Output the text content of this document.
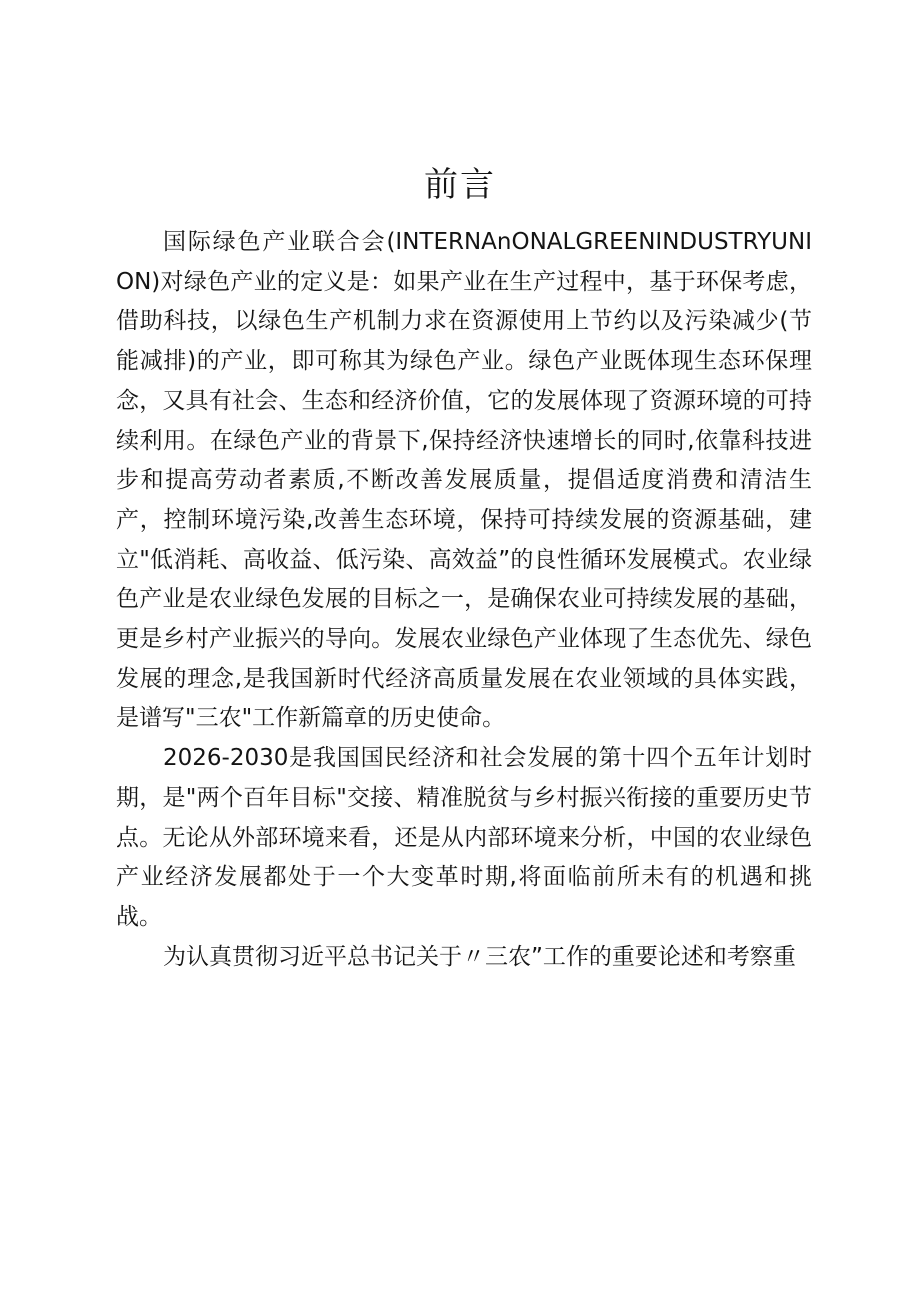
前言

国际绿色产业联合会(INTERNAnONALGREENINDUSTRYUNION)对绿色产业的定义是：如果产业在生产过程中，基于环保考虑，借助科技，以绿色生产机制力求在资源使用上节约以及污染减少(节能减排)的产业，即可称其为绿色产业。绿色产业既体现生态环保理念，又具有社会、生态和经济价值，它的发展体现了资源环境的可持续利用。在绿色产业的背景下,保持经济快速增长的同时,依靠科技进步和提高劳动者素质,不断改善发展质量，提倡适度消费和清洁生产，控制环境污染,改善生态环境，保持可持续发展的资源基础，建立"低消耗、高收益、低污染、高效益”的良性循环发展模式。农业绿色产业是农业绿色发展的目标之一，是确保农业可持续发展的基础，更是乡村产业振兴的导向。发展农业绿色产业体现了生态优先、绿色发展的理念,是我国新时代经济高质量发展在农业领域的具体实践，是谱写"三农"工作新篇章的历史使命。

2026-2030是我国国民经济和社会发展的第十四个五年计划时期，是"两个百年目标"交接、精准脱贫与乡村振兴衔接的重要历史节点。无论从外部环境来看，还是从内部环境来分析，中国的农业绿色产业经济发展都处于一个大变革时期,将面临前所未有的机遇和挑战。

为认真贯彻习近平总书记关于〃三农”工作的重要论述和考察重
